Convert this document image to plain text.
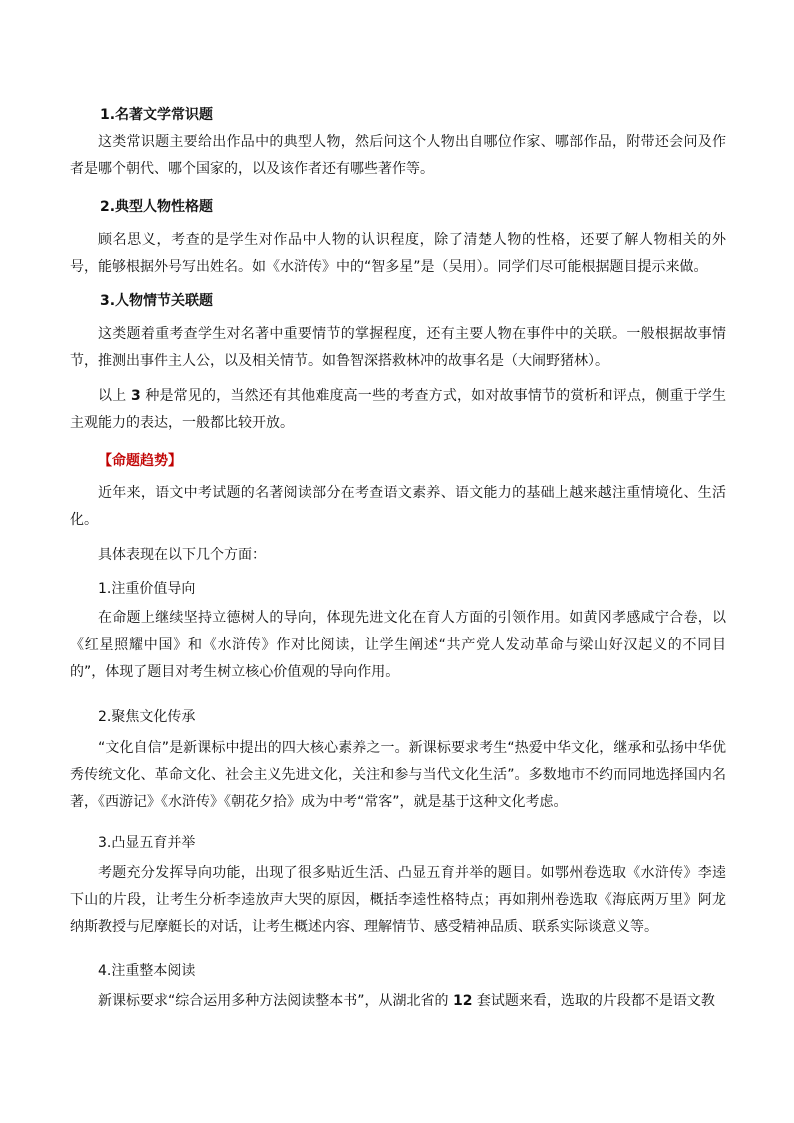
1.名著文学常识题

这类常识题主要给出作品中的典型人物，然后问这个人物出自哪位作家、哪部作品，附带还会问及作者是哪个朝代、哪个国家的，以及该作者还有哪些著作等。

2.典型人物性格题

顾名思义，考查的是学生对作品中人物的认识程度，除了清楚人物的性格，还要了解人物相关的外号，能够根据外号写出姓名。如《水浒传》中的“智多星”是（吴用）。同学们尽可能根据题目提示来做。

3.人物情节关联题

这类题着重考查学生对名著中重要情节的掌握程度，还有主要人物在事件中的关联。一般根据故事情节，推测出事件主人公，以及相关情节。如鲁智深搭救林冲的故事名是（大闹野猪林）。

以上 3 种是常见的，当然还有其他难度高一些的考查方式，如对故事情节的赏析和评点，侧重于学生主观能力的表达，一般都比较开放。

【命题趋势】

近年来，语文中考试题的名著阅读部分在考查语文素养、语文能力的基础上越来越注重情境化、生活化。

具体表现在以下几个方面：

1.注重价值导向

在命题上继续坚持立德树人的导向，体现先进文化在育人方面的引领作用。如黄冈孝感咸宁合卷，以《红星照耀中国》和《水浒传》作对比阅读，让学生阐述“共产党人发动革命与梁山好汉起义的不同目的”，体现了题目对考生树立核心价值观的导向作用。

2.聚焦文化传承

“文化自信”是新课标中提出的四大核心素养之一。新课标要求考生“热爱中华文化，继承和弘扬中华优秀传统文化、革命文化、社会主义先进文化，关注和参与当代文化生活”。多数地市不约而同地选择国内名著，《西游记》《水浒传》《朝花夕拾》成为中考“常客”，就是基于这种文化考虑。

3.凸显五育并举

考题充分发挥导向功能，出现了很多贴近生活、凸显五育并举的题目。如鄂州卷选取《水浒传》李逵下山的片段，让考生分析李逵放声大哭的原因，概括李逵性格特点；再如荆州卷选取《海底两万里》阿龙纳斯教授与尼摩艇长的对话，让考生概述内容、理解情节、感受精神品质、联系实际谈意义等。

4.注重整本阅读

新课标要求“综合运用多种方法阅读整本书”，从湖北省的 12 套试题来看，选取的片段都不是语文教
